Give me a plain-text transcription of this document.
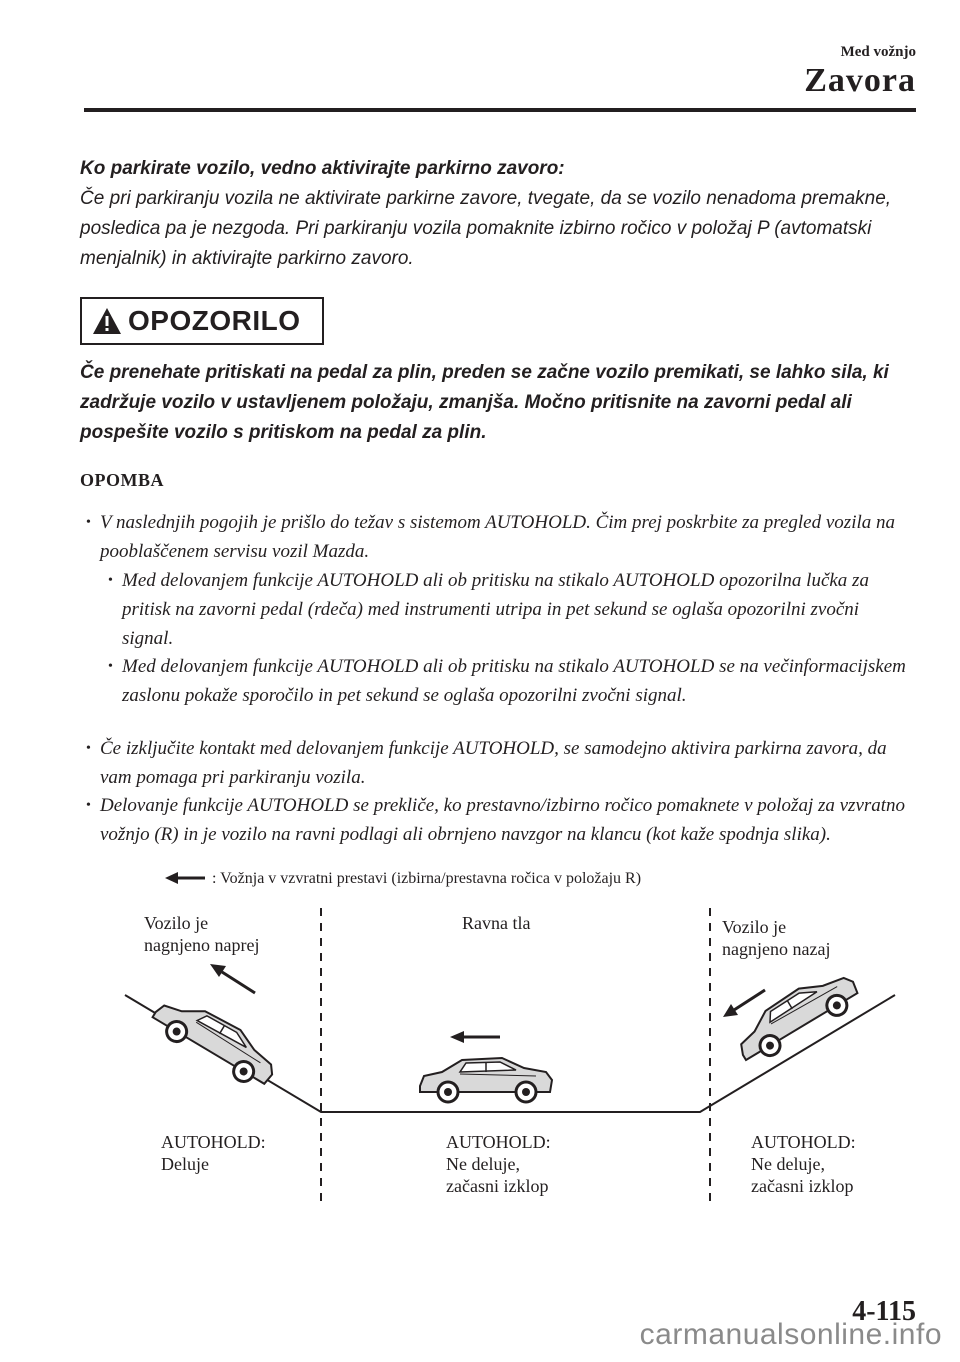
Med vožnjo
Zavora
Ko parkirate vozilo, vedno aktivirajte parkirno zavoro:
Če pri parkiranju vozila ne aktivirate parkirne zavore, tvegate, da se vozilo nenadoma premakne, posledica pa je nezgoda. Pri parkiranju vozila pomaknite izbirno ročico v položaj P (avtomatski menjalnik) in aktivirajte parkirno zavoro.
OPOZORILO
Če prenehate pritiskati na pedal za plin, preden se začne vozilo premikati, se lahko sila, ki zadržuje vozilo v ustavljenem položaju, zmanjša. Močno pritisnite na zavorni pedal ali pospešite vozilo s pritiskom na pedal za plin.
OPOMBA
• V naslednjih pogojih je prišlo do težav s sistemom AUTOHOLD. Čim prej poskrbite za pregled vozila na pooblaščenem servisu vozil Mazda.
• Med delovanjem funkcije AUTOHOLD ali ob pritisku na stikalo AUTOHOLD opozorilna lučka za pritisk na zavorni pedal (rdeča) med instrumenti utripa in pet sekund se oglaša opozorilni zvočni signal.
• Med delovanjem funkcije AUTOHOLD ali ob pritisku na stikalo AUTOHOLD se na večinformacijskem zaslonu pokaže sporočilo in pet sekund se oglaša opozorilni zvočni signal.
• Če izključite kontakt med delovanjem funkcije AUTOHOLD, se samodejno aktivira parkirna zavora, da vam pomaga pri parkiranju vozila.
• Delovanje funkcije AUTOHOLD se prekliče, ko prestavno/izbirno ročico pomaknete v položaj za vzvratno vožnjo (R) in je vozilo na ravni podlagi ali obrnjeno navzgor na klancu (kot kaže spodnja slika).
: Vožnja v vzvratni prestavi (izbirna/prestavna ročica v položaju R)
Vozilo je
nagnjeno naprej
Ravna tla	Vozilo je
nagnjeno nazaj
AUTOHOLD:
Deluje
AUTOHOLD:
Ne deluje,
začasni izklop
AUTOHOLD:
Ne deluje,
začasni izklop
4-115
carmanualsonline.info
